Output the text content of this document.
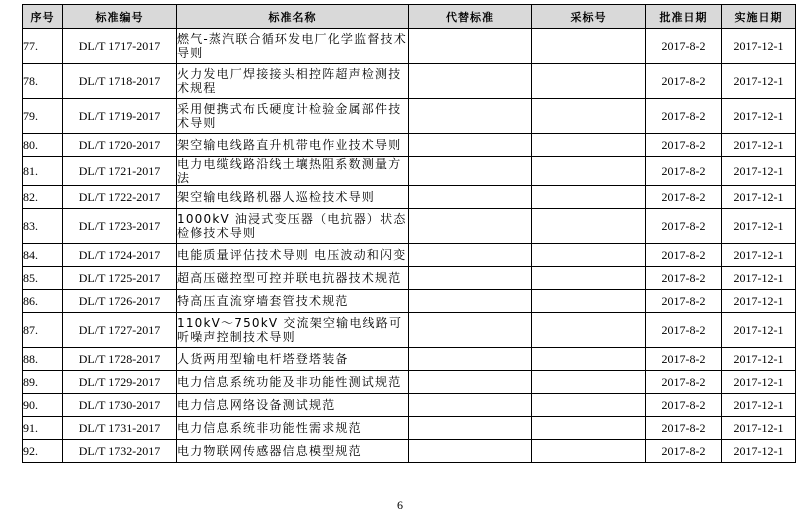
序号	标准编号	标准名称	代替标准	采标号	批准日期	实施日期
77.	DL/T 1717-2017	燃气-蒸汽联合循环发电厂化学监督技术导则			2017-8-2	2017-12-1
78.	DL/T 1718-2017	火力发电厂焊接接头相控阵超声检测技术规程			2017-8-2	2017-12-1
79.	DL/T 1719-2017	采用便携式布氏硬度计检验金属部件技术导则			2017-8-2	2017-12-1
80.	DL/T 1720-2017	架空输电线路直升机带电作业技术导则			2017-8-2	2017-12-1
81.	DL/T 1721-2017	电力电缆线路沿线土壤热阻系数测量方法			2017-8-2	2017-12-1
82.	DL/T 1722-2017	架空输电线路机器人巡检技术导则			2017-8-2	2017-12-1
83.	DL/T 1723-2017	1000kV 油浸式变压器（电抗器）状态检修技术导则			2017-8-2	2017-12-1
84.	DL/T 1724-2017	电能质量评估技术导则 电压波动和闪变			2017-8-2	2017-12-1
85.	DL/T 1725-2017	超高压磁控型可控并联电抗器技术规范			2017-8-2	2017-12-1
86.	DL/T 1726-2017	特高压直流穿墙套管技术规范			2017-8-2	2017-12-1
87.	DL/T 1727-2017	110kV～750kV 交流架空输电线路可听噪声控制技术导则			2017-8-2	2017-12-1
88.	DL/T 1728-2017	人货两用型输电杆塔登塔装备			2017-8-2	2017-12-1
89.	DL/T 1729-2017	电力信息系统功能及非功能性测试规范			2017-8-2	2017-12-1
90.	DL/T 1730-2017	电力信息网络设备测试规范			2017-8-2	2017-12-1
91.	DL/T 1731-2017	电力信息系统非功能性需求规范			2017-8-2	2017-12-1
92.	DL/T 1732-2017	电力物联网传感器信息模型规范			2017-8-2	2017-12-1
6
